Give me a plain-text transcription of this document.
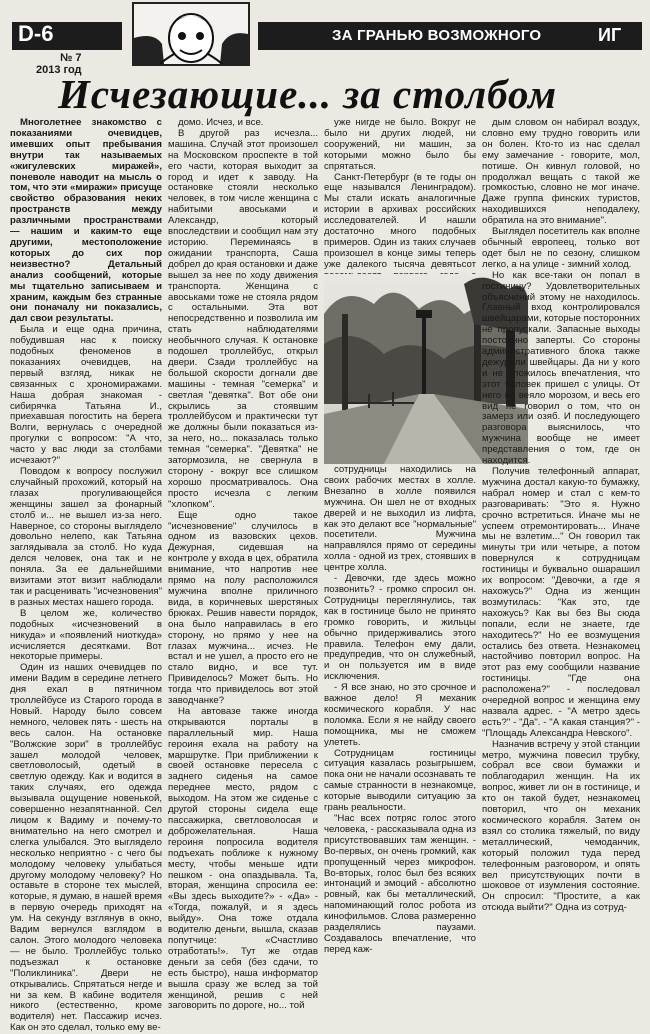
D-6
№ 7
2013 год
ЗА ГРАНЬЮ ВОЗМОЖНОГО	ИГ
Исчезающие... за столбом

Многолетнее знакомство с показаниями очевидцев, имевших опыт пребывания внутри так называемых «жигулевских миражей», поневоле наводит на мысль о том, что эти «миражи» присуще свойство образования неких пространств между различными пространствами — нашим и каким-то еще другими, местоположение которых до сих пор неизвестно? Детальный анализ сообщений, которые мы тщательно записываем и храним, каждым без странные они поначалу ни показались, дал свои результаты.

Была и еще одна причина, побудившая нас к поиску подобных феноменов в показаниях очевидцев, на первый взгляд, никак не связанных с хрономиражами. Наша добрая знакомая - сибирячка Татьяна И., приехавшая погостить на берега Волги, вернулась с очередной прогулки с вопросом: "А что, часто у вас люди за столбами исчезают?"

Поводом к вопросу послужил случайный прохожий, который на глазах прогуливающейся женщины зашел за фонарный столб и... не вышел из-за него. Наверное, со стороны выглядело довольно нелепо, как Татьяна заглядывала за столб. Но куда делся человек, она так и не поняла. За ее дальнейшими визитами этот визит наблюдали так и расценивать "исчезновения" в разных местах нашего города.

В целом же, количество подобных «исчезновений в никуда» и «появлений ниоткуда» исчисляется десятками. Вот некоторые примеры.

Один из наших очевидцев по имени Вадим в середине летнего дня ехал в пятничном троллейбусе из Старого города в Новый. Народу было совсем немного, человек пять - шесть на весь салон. На остановке "Волжские зори" в троллейбус зашел молодой человек, светловолосый, одетый в светлую одежду. Как и водится в таких случаях, его одежда вызывала ощущение новенькой, совершенно незапятнанной. Сел лицом к Вадиму и почему-то внимательно на него смотрел и слегка улыбался. Это выглядело несколько неприятно - с чего бы молодому человеку улыбаться другому молодому человеку? Но оставьте в стороне тех мыслей, которые, я думаю, в нашей время в первую очередь приходят на ум. На секунду взглянув в окно, Вадим вернулся взглядом в салон. Этого молодого человека — не было. Троллейбус только подъезжал к остановке "Поликлиника". Двери не открывались. Спрятаться негде и ни за кем. В кабине водителя никого (естественно, кроме водителя) нет. Пассажир исчез. Как он это сделал, только ему ве-

домо. Исчез, и все.

В другой раз исчезла... машина. Случай этот произошел на Московском проспекте в той его части, которая выходит за город и идет к заводу. На остановке стояли несколько человек, в том числе женщина с набитыми авоськами и Александр, который впоследствии и сообщил нам эту историю. Переминаясь в ожидании транспорта, Саша добрел до края остановки и даже вышел за нее по ходу движения транспорта. Женщина с авоськами тоже не стояла рядом с остальными. Эта вот непосредственно и позволила им стать наблюдателями необычного случая. К остановке подошел троллейбус, открыл двери. Сзади троллейбус на большой скорости догнали две машины - темная "семерка" и светлая "девятка". Вот обе они скрылись за стоявшим троллейбусом и практически тут же должны были показаться из-за него, но... показалась только темная "семерка". "Девятка" не затормозила, не свернула в сторону - вокруг все слишком хорошо просматривалось. Она просто исчезла с легким "хлопком".

Еще одно такое "исчезновение" случилось в одном из вазовских цехов. Дежурная, сидевшая на контроле у входа в цех, обратила внимание, что напротив нее прямо на полу расположился мужчина вполне приличного вида, в коричневых шерстяных брюках. Решив навести порядок, она было направилась в его сторону, но прямо у нее на глазах мужчина... исчез. Не встал и не ушел, а просто его не стало видно, и все тут. Привиделось? Может быть. Но тогда что привиделось вот этой заводчанке?

На автовазе также иногда открываются порталы в параллельный мир. Наша героиня ехала на работу на маршрутке. При приближении к своей остановке пересела с заднего сиденья на самое переднее место, рядом с выходом. На этом же сиденье с другой стороны сидела еще пассажирка, светловолосая и доброжелательная. Наша героиня попросила водителя подъехать поближе к нужному месту, чтобы меньше идти пешком - она опаздывала. Та, вторая, женщина спросила ее: «Вы здесь выходите?» - «Да» - «Тогда, пожалуй, и я здесь выйду». Она тоже отдала водителю деньги, вышла, сказав попутчице: «Счастливо отработать!». Тут же отдав деньги за себя (без сдачи, то есть быстро), наша информатор вышла сразу же вслед за той женщиной, решив с ней заговорить по дороге, но... той

уже нигде не было. Вокруг не было ни других людей, ни сооружений, ни машин, за которыми можно было бы спрятаться.

Санкт-Петербург (в те годы он еще назывался Ленинградом). Мы стали искать аналогичные истории в архивах российских исследователей. И нашли достаточно много подобных примеров. Один из таких случаев произошел в конце зимы теперь уже далекого тысяча девятьсот

сотрудницы находились на своих рабочих местах в холле. Внезапно в холле появился мужчина. Он шел не от входных дверей и не выходил из лифта, как это делают все "нормальные" посетители. Мужчина направлялся прямо от середины холла - одной из трех, стоявших в центре холла.

- Девочки, где здесь можно позвонить? - громко спросил он. Сотрудницы переглянулись, так как в гостинице было не принято громко говорить, и жильцы обычно придерживались этого правила. Телефон ему дали, предупредив, что он служебный, и он пользуется им в виде исключения.

- Я все знаю, но это срочное и важное дело! Я механик космического корабля. У нас поломка. Если я не найду своего помощника, мы не сможем улететь.

Сотрудницам гостиницы ситуация казалась розыгрышем, пока они не начали осознавать те самые странности в незнакомце, которые выводили ситуацию за грань реальности.

"Нас всех потряс голос этого человека, - рассказывала одна из присутствовавших там женщин. - Во-первых, он очень громкий, как пропущенный через микрофон. Во-вторых, голос был без всяких интонаций и эмоций - абсолютно ровный, как бы металлический, напоминающий голос робота из кинофильмов. Слова размеренно разделялись паузами. Создавалось впечатление, что перед каж-

дым словом он набирал воздух, словно ему трудно говорить или он болен. Кто-то из нас сделал ему замечание - говорите, мол, потише. Он кивнул головой, но продолжал вещать с такой же громкостью, словно не мог иначе. Даже группа финских туристов, находившихся неподалеку, обратила на это внимание".

Выглядел посетитель как вполне обычный европеец, только вот одет был не по сезону, слишком легко, а на улице - зимний холод.

Но как все-таки он попал в гостиницу? Удовлетворительных объяснений этому не находилось. Главный вход контролировался швейцарами, которые посторонних не пропускали. Запасные выходы постоянно заперты. Со стороны административного блока также дежурили швейцары. Да ни у кого и не сложилось впечатления, что этот человек пришел с улицы. От него не веяло морозом, и весь его вид не говорил о том, что он замерз или озяб. И последующего разговора выяснилось, что мужчина вообще не имеет представления о том, где он находится.

Получив телефонный аппарат, мужчина достал какую-то бумажку, набрал номер и стал с кем-то разговаривать: "Это я. Нужно срочно встретиться. Иначе мы не успеем отремонтировать... Иначе мы не взлетим..." Он говорил так минуты три или четыре, а потом повернулся к сотрудницам гостиницы и буквально ошарашил их вопросом: "Девочки, а где я нахожусь?" Одна из женщин возмутилась: "Как это, где нахожусь? Как вы без Вы сюда попали, если не знаете, где находитесь?" Но ее возмущения остались без ответа. Незнакомец настойчиво повторил вопрос. На этот раз ему сообщили название гостиницы. "Где она расположена?" - последовал очередной вопрос и женщина ему назвала адрес. - "А метро здесь есть?" - "Да". - "А какая станция?" - "Площадь Александра Невского".

Назначив встречу у этой станции метро, мужчина повесил трубку, собрал все свои бумажки и поблагодарил женщин. На их вопрос, живет ли он в гостинице, и кто он такой будет, незнакомец повторил, что он механик космического корабля. Затем он взял со столика тяжелый, по виду металлический, чемоданчик, который положил туда перед телефонным разговором, и опять вел присутствующих почти в шоковое от изумления состояние. Он спросил: "Простите, а как отсюда выйти?" Одна из сотруд-
